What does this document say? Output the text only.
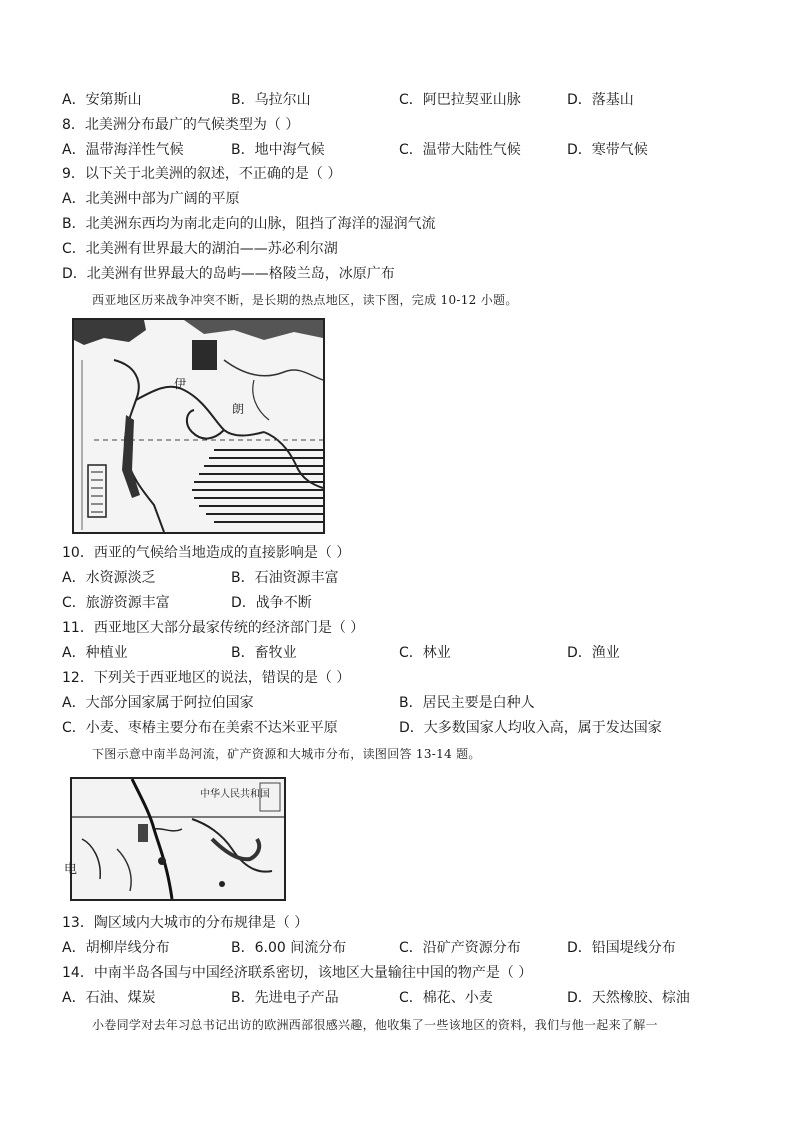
A．安第斯山	B．乌拉尔山	C．阿巴拉契亚山脉	D．落基山
8．北美洲分布最广的气候类型为（ ）
A．温带海洋性气候	B．地中海气候	C．温带大陆性气候	D．寒带气候
9．以下关于北美洲的叙述，不正确的是（ ）
A．北美洲中部为广阔的平原
B．北美洲东西均为南北走向的山脉，阻挡了海洋的湿润气流
C．北美洲有世界最大的湖泊——苏必利尔湖
D．北美洲有世界最大的岛屿——格陵兰岛，冰原广布
西亚地区历来战争冲突不断，是长期的热点地区，读下图，完成 10-12 小题。
伊
朗
10．西亚的气候给当地造成的直接影响是（ ）
A．水资源淡乏	B．石油资源丰富
C．旅游资源丰富	D．战争不断
11．西亚地区大部分最家传统的经济部门是（ ）
A．种植业	B．畜牧业	C．林业	D．渔业
12．下列关于西亚地区的说法，错误的是（ ）
A．大部分国家属于阿拉伯国家	B．居民主要是白种人
C．小麦、枣椿主要分布在美索不达米亚平原	D．大多数国家人均收入高，属于发达国家
下图示意中南半岛河流，矿产资源和大城市分布，读图回答 13-14 题。
中华人民共和国
电
13．陶区域内大城市的分布规律是（ ）
A．胡柳岸线分布	B．6.00 间流分布	C．沿矿产资源分布	D．铅国堤线分布
14．中南半岛各国与中国经济联系密切，该地区大量输往中国的物产是（ ）
A．石油、煤炭	B．先进电子产品	C．棉花、小麦	D．天然橡胶、棕油
小卷同学对去年习总书记出访的欧洲西部很感兴趣，他收集了一些该地区的资料，我们与他一起来了解一
